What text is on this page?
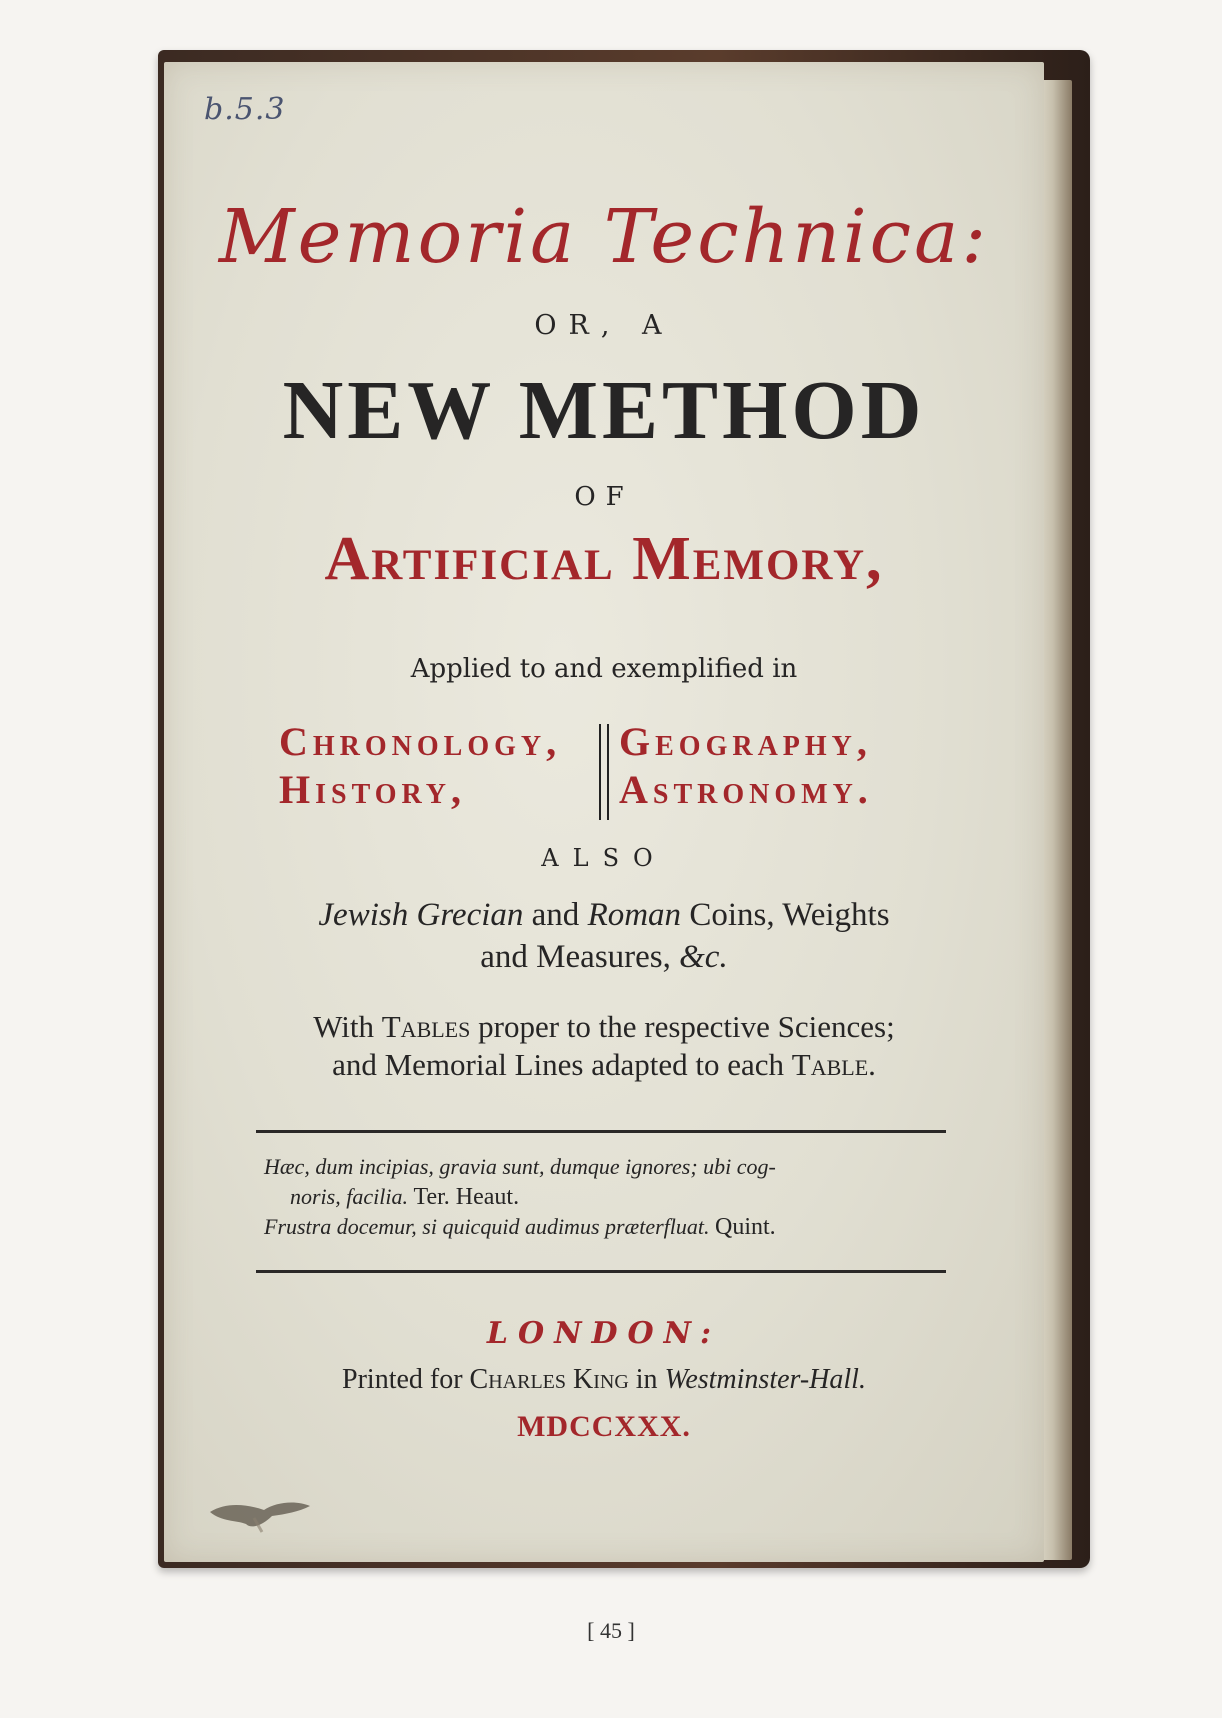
b.5.3
Memoria Technica:
OR, A
NEW METHOD
OF
Artificial Memory,
Applied to and exemplified in
Chronology,
History,
Geography,
Astronomy.
ALSO
Jewish Grecian and Roman Coins, Weights
and Measures, &c.
With Tables proper to the respective Sciences;
and Memorial Lines adapted to each Table.
Hæc, dum incipias, gravia sunt, dumque ignores; ubi cog-
noris, facilia. Ter. Heaut.
Frustra docemur, si quicquid audimus præterfluat. Quint.
LONDON:
Printed for Charles King in Westminster-Hall.
MDCCXXX.
[ 45 ]
